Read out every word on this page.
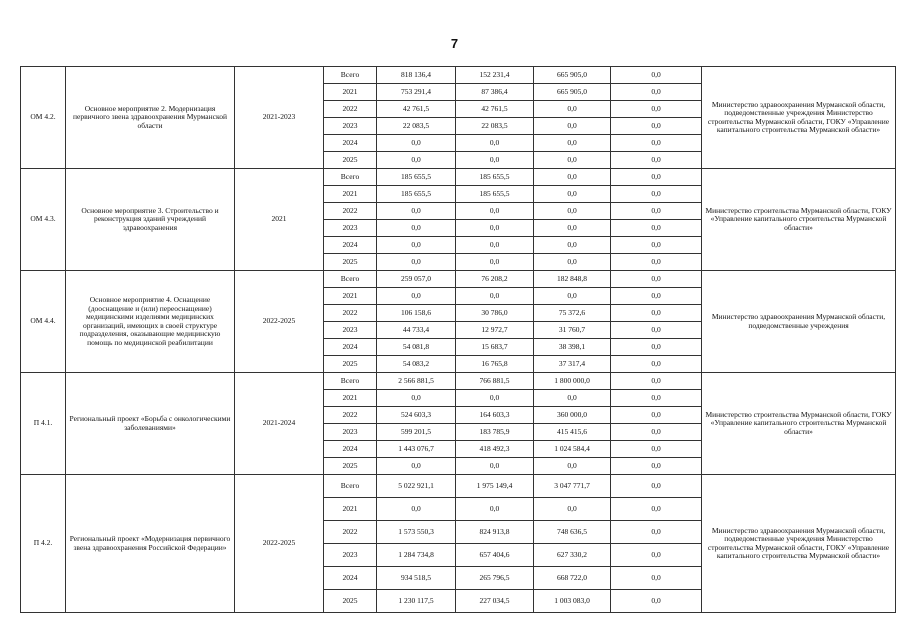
7
ОМ 4.2.	Основное мероприятие 2. Модернизация первичного звена здравоохранения Мурманской области	2021-2023	Всего	818 136,4	152 231,4	665 905,0	0,0	Министерство здравоохранения Мурманской области, подведомственные учреждения Министерство строительства Мурманской области, ГОКУ «Управление капитального строительства Мурманской области»
			2021	753 291,4	87 386,4	665 905,0	0,0	
			2022	42 761,5	42 761,5	0,0	0,0	
			2023	22 083,5	22 083,5	0,0	0,0	
			2024	0,0	0,0	0,0	0,0	
			2025	0,0	0,0	0,0	0,0	
ОМ 4.3.	Основное мероприятие 3. Строительство и реконструкция зданий учреждений здравоохранения	2021	Всего	185 655,5	185 655,5	0,0	0,0	Министерство строительства Мурманской области, ГОКУ «Управление капитального строительства Мурманской области»
			2021	185 655,5	185 655,5	0,0	0,0	
			2022	0,0	0,0	0,0	0,0	
			2023	0,0	0,0	0,0	0,0	
			2024	0,0	0,0	0,0	0,0	
			2025	0,0	0,0	0,0	0,0	
ОМ 4.4.	Основное мероприятие 4. Оснащение (дооснащение и (или) переоснащение) медицинскими изделиями медицинских организаций, имеющих в своей структуре подразделения, оказывающие медицинскую помощь по медицинской реабилитации	2022-2025	Всего	259 057,0	76 208,2	182 848,8	0,0	Министерство здравоохранения Мурманской области, подведомственные учреждения
			2021	0,0	0,0	0,0	0,0	
			2022	106 158,6	30 786,0	75 372,6	0,0	
			2023	44 733,4	12 972,7	31 760,7	0,0	
			2024	54 081,8	15 683,7	38 398,1	0,0	
			2025	54 083,2	16 765,8	37 317,4	0,0	
П 4.1.	Региональный проект «Борьба с онкологическими заболеваниями»	2021-2024	Всего	2 566 881,5	766 881,5	1 800 000,0	0,0	Министерство строительства Мурманской области, ГОКУ «Управление капитального строительства Мурманской области»
			2021	0,0	0,0	0,0	0,0	
			2022	524 603,3	164 603,3	360 000,0	0,0	
			2023	599 201,5	183 785,9	415 415,6	0,0	
			2024	1 443 076,7	418 492,3	1 024 584,4	0,0	
			2025	0,0	0,0	0,0	0,0	
П 4.2.	Региональный проект «Модернизация первичного звена здравоохранения Российской Федерации»	2022-2025	Всего	5 022 921,1	1 975 149,4	3 047 771,7	0,0	Министерство здравоохранения Мурманской области, подведомственные учреждения Министерство строительства Мурманской области, ГОКУ «Управление капитального строительства Мурманской области»
			2021	0,0	0,0	0,0	0,0	
			2022	1 573 550,3	824 913,8	748 636,5	0,0	
			2023	1 284 734,8	657 404,6	627 330,2	0,0	
			2024	934 518,5	265 796,5	668 722,0	0,0	
			2025	1 230 117,5	227 034,5	1 003 083,0	0,0	
